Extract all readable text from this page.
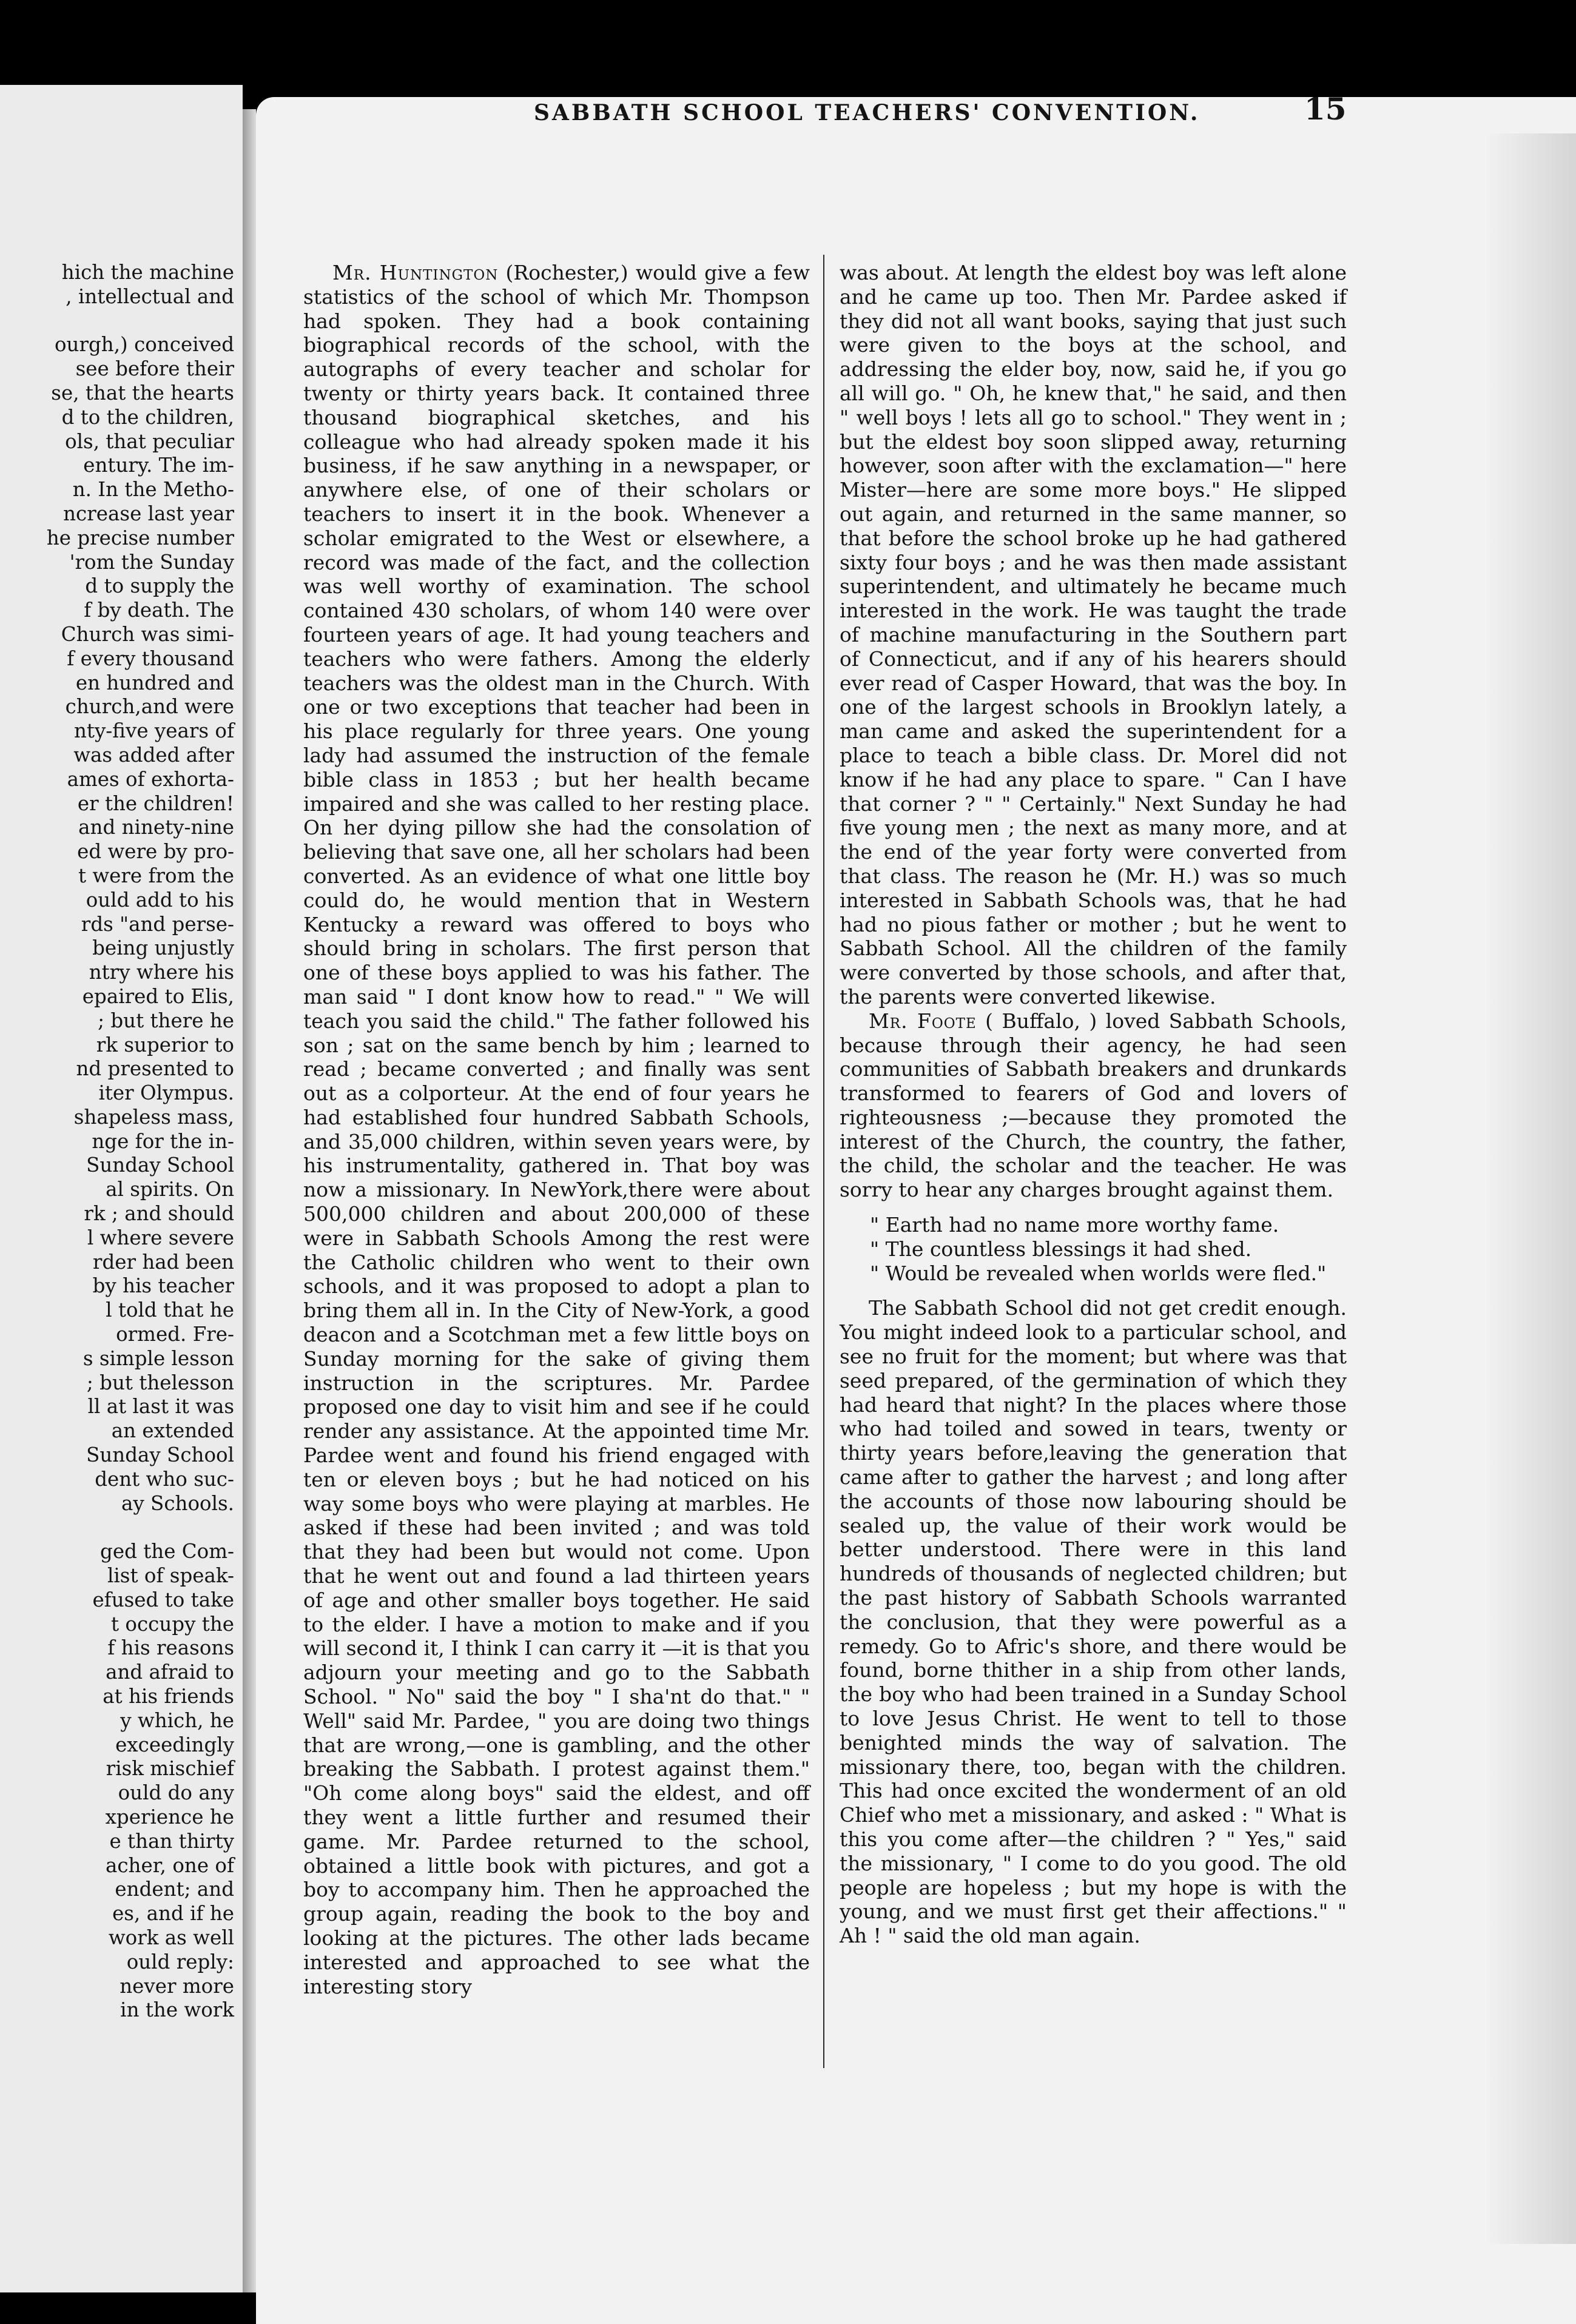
hich the machine
, intellectual and
ourgh,) conceived
see before their
se, that the hearts
d to the children,
ols, that peculiar
entury. The im-
n. In the Metho-
ncrease last year
he precise number
'rom the Sunday
d to supply the
f by death. The
Church was simi-
f every thousand
en hundred and
church,and were
nty-five years of
was added after
ames of exhorta-
er the children!
and ninety-nine
ed were by pro-
t were from the
ould add to his
rds "and perse-
being unjustly
ntry where his
epaired to Elis,
; but there he
rk superior to
nd presented to
iter Olympus.
shapeless mass,
nge for the in-
Sunday School
al spirits. On
rk ; and should
l where severe
rder had been
by his teacher
l told that he
ormed. Fre-
s simple lesson
; but thelesson
ll at last it was
an extended
Sunday School
dent who suc-
ay Schools.
ged the Com-
list of speak-
efused to take
t occupy the
f his reasons
and afraid to
at his friends
y which, he
exceedingly
risk mischief
ould do any
xperience he
e than thirty
acher, one of
endent; and
es, and if he
work as well
ould reply:
never more
in the work
SABBATH SCHOOL TEACHERS' CONVENTION.	15

Mr. Huntington (Rochester,) would give a few statistics of the school of which Mr. Thompson had spoken. They had a book containing biographical records of the school, with the autographs of every teacher and scholar for twenty or thirty years back. It contained three thousand biographical sketches, and his colleague who had already spoken made it his business, if he saw anything in a newspaper, or anywhere else, of one of their scholars or teachers to insert it in the book. Whenever a scholar emigrated to the West or elsewhere, a record was made of the fact, and the collection was well worthy of examination. The school contained 430 scholars, of whom 140 were over fourteen years of age. It had young teachers and teachers who were fathers. Among the elderly teachers was the oldest man in the Church. With one or two exceptions that teacher had been in his place regularly for three years. One young lady had assumed the instruction of the female bible class in 1853 ; but her health became impaired and she was called to her resting place. On her dying pillow she had the consolation of believing that save one, all her scholars had been converted. As an evidence of what one little boy could do, he would mention that in Western Kentucky a reward was offered to boys who should bring in scholars. The first person that one of these boys applied to was his father. The man said " I dont know how to read." " We will teach you said the child." The father followed his son ; sat on the same bench by him ; learned to read ; became converted ; and finally was sent out as a colporteur. At the end of four years he had established four hundred Sabbath Schools, and 35,000 children, within seven years were, by his instrumentality, gathered in. That boy was now a missionary. In NewYork,there were about 500,000 children and about 200,000 of these were in Sabbath Schools Among the rest were the Catholic children who went to their own schools, and it was proposed to adopt a plan to bring them all in. In the City of New-York, a good deacon and a Scotchman met a few little boys on Sunday morning for the sake of giving them instruction in the scriptures. Mr. Pardee proposed one day to visit him and see if he could render any assistance. At the appointed time Mr. Pardee went and found his friend engaged with ten or eleven boys ; but he had noticed on his way some boys who were playing at marbles. He asked if these had been invited ; and was told that they had been but would not come. Upon that he went out and found a lad thirteen years of age and other smaller boys together. He said to the elder. I have a motion to make and if you will second it, I think I can carry it —it is that you adjourn your meeting and go to the Sabbath School. " No" said the boy " I sha'nt do that." " Well" said Mr. Pardee, " you are doing two things that are wrong,—one is gambling, and the other breaking the Sabbath. I protest against them." "Oh come along boys" said the eldest, and off they went a little further and resumed their game. Mr. Pardee returned to the school, obtained a little book with pictures, and got a boy to accompany him. Then he approached the group again, reading the book to the boy and looking at the pictures. The other lads became interested and approached to see what the interesting story

was about. At length the eldest boy was left alone and he came up too. Then Mr. Pardee asked if they did not all want books, saying that just such were given to the boys at the school, and addressing the elder boy, now, said he, if you go all will go. " Oh, he knew that," he said, and then " well boys ! lets all go to school." They went in ; but the eldest boy soon slipped away, returning however, soon after with the exclamation—" here Mister—here are some more boys." He slipped out again, and returned in the same manner, so that before the school broke up he had gathered sixty four boys ; and he was then made assistant superintendent, and ultimately he became much interested in the work. He was taught the trade of machine manufacturing in the Southern part of Connecticut, and if any of his hearers should ever read of Casper Howard, that was the boy. In one of the largest schools in Brooklyn lately, a man came and asked the superintendent for a place to teach a bible class. Dr. Morel did not know if he had any place to spare. " Can I have that corner ? " " Certainly." Next Sunday he had five young men ; the next as many more, and at the end of the year forty were converted from that class. The reason he (Mr. H.) was so much interested in Sabbath Schools was, that he had had no pious father or mother ; but he went to Sabbath School. All the children of the family were converted by those schools, and after that, the parents were converted likewise.

Mr. Foote ( Buffalo, ) loved Sabbath Schools, because through their agency, he had seen communities of Sabbath breakers and drunkards transformed to fearers of God and lovers of righteousness ;—because they promoted the interest of the Church, the country, the father, the child, the scholar and the teacher. He was sorry to hear any charges brought against them.

" Earth had no name more worthy fame.
" The countless blessings it had shed.
" Would be revealed when worlds were fled."

The Sabbath School did not get credit enough. You might indeed look to a particular school, and see no fruit for the moment; but where was that seed prepared, of the germination of which they had heard that night? In the places where those who had toiled and sowed in tears, twenty or thirty years before,leaving the generation that came after to gather the harvest ; and long after the accounts of those now labouring should be sealed up, the value of their work would be better understood. There were in this land hundreds of thousands of neglected children; but the past history of Sabbath Schools warranted the conclusion, that they were powerful as a remedy. Go to Afric's shore, and there would be found, borne thither in a ship from other lands, the boy who had been trained in a Sunday School to love Jesus Christ. He went to tell to those benighted minds the way of salvation. The missionary there, too, began with the children. This had once excited the wonderment of an old Chief who met a missionary, and asked : " What is this you come after—the children ? " Yes," said the missionary, " I come to do you good. The old people are hopeless ; but my hope is with the young, and we must first get their affections." " Ah ! " said the old man again.
